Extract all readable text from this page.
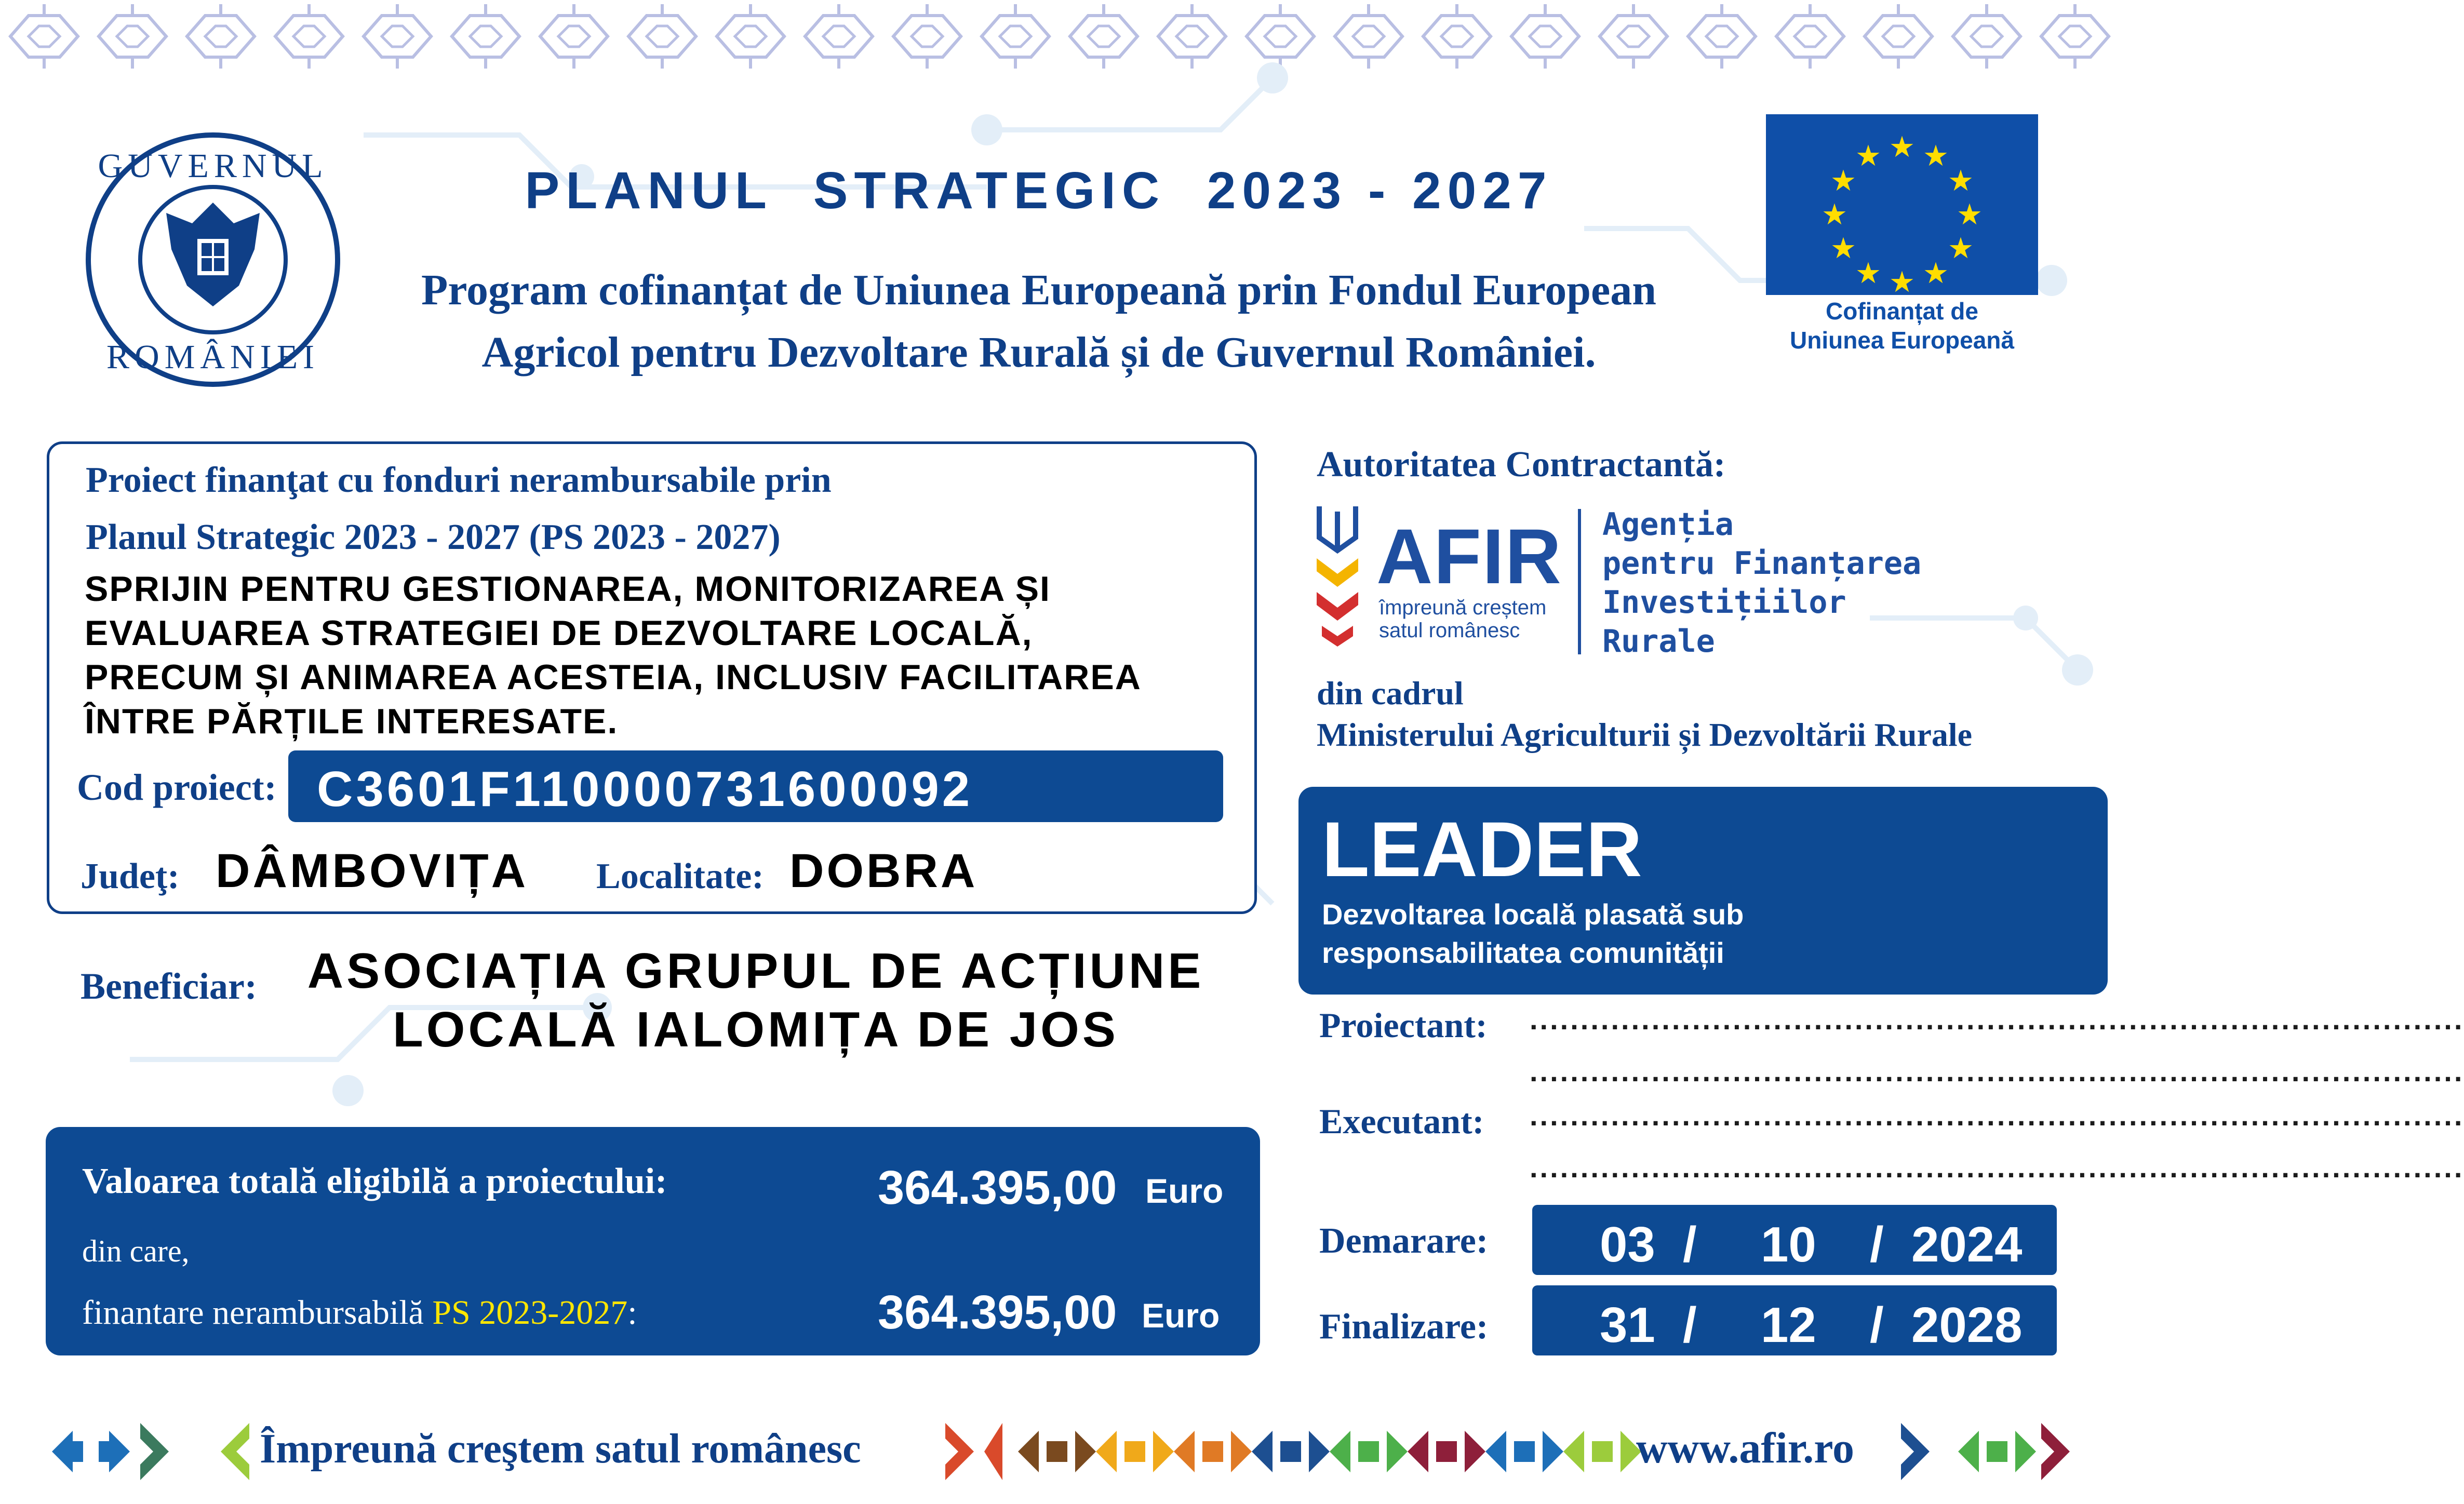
GUVERNUL
ROMÂNIEI
PLANUL  STRATEGIC  2023 - 2027
Program cofinanțat de Uniunea Europeană prin Fondul European
Agricol pentru Dezvoltare Rurală și de Guvernul României.
★ ★
★
★
★
★
★
★
★
★
★
★
Cofinanțat de
Uniunea Europeană
Proiect finanţat cu fonduri nerambursabile prin
Planul Strategic 2023 - 2027 (PS 2023 - 2027)
SPRIJIN PENTRU GESTIONAREA, MONITORIZAREA ȘI
EVALUAREA STRATEGIEI DE DEZVOLTARE LOCALĂ,
PRECUM ȘI ANIMAREA ACESTEIA, INCLUSIV FACILITAREA
ÎNTRE PĂRȚILE INTERESATE.
Cod proiect: C3601F110000731600092
Judeţ: DÂMBOVIȚA Localitate: DOBRA
Beneficiar:	ASOCIAȚIA GRUPUL DE ACȚIUNE
LOCALĂ IALOMIȚA DE JOS
Valoarea totală eligibilă a proiectului:	364.395,00 Euro
din care,
finantare nerambursabilă PS 2023-2027:	364.395,00 Euro
Autoritatea Contractantă:
AFIR
împreună creștem
satul românesc
Agenția
pentru Finanțarea
Investițiilor
Rurale
din cadrul
Ministerului Agriculturii și Dezvoltării Rurale
LEADER
Dezvoltarea locală plasată sub
responsabilitatea comunității
Proiectant: ............................................................................................
............................................................................................
Executant: ............................................................................................
............................................................................................
Demarare: 03 / 10 / 2024
Finalizare: 31 / 12 / 2028
Împreună creştem satul românesc	www.afir.ro
